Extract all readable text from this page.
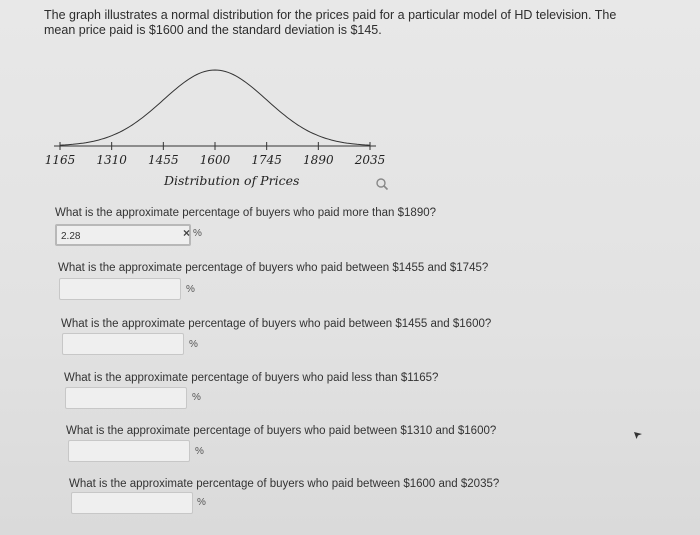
The graph illustrates a normal distribution for the prices paid for a particular model of HD television. The mean price paid is $1600 and the standard deviation is $145.
1165 1310 1455 1600 1745 1890 2035
Distribution of Prices
What is the approximate percentage of buyers who paid more than $1890?
2.28	× %
What is the approximate percentage of buyers who paid between $1455 and $1745?
%
What is the approximate percentage of buyers who paid between $1455 and $1600?
%
What is the approximate percentage of buyers who paid less than $1165?
%
What is the approximate percentage of buyers who paid between $1310 and $1600?
%
What is the approximate percentage of buyers who paid between $1600 and $2035?
%
